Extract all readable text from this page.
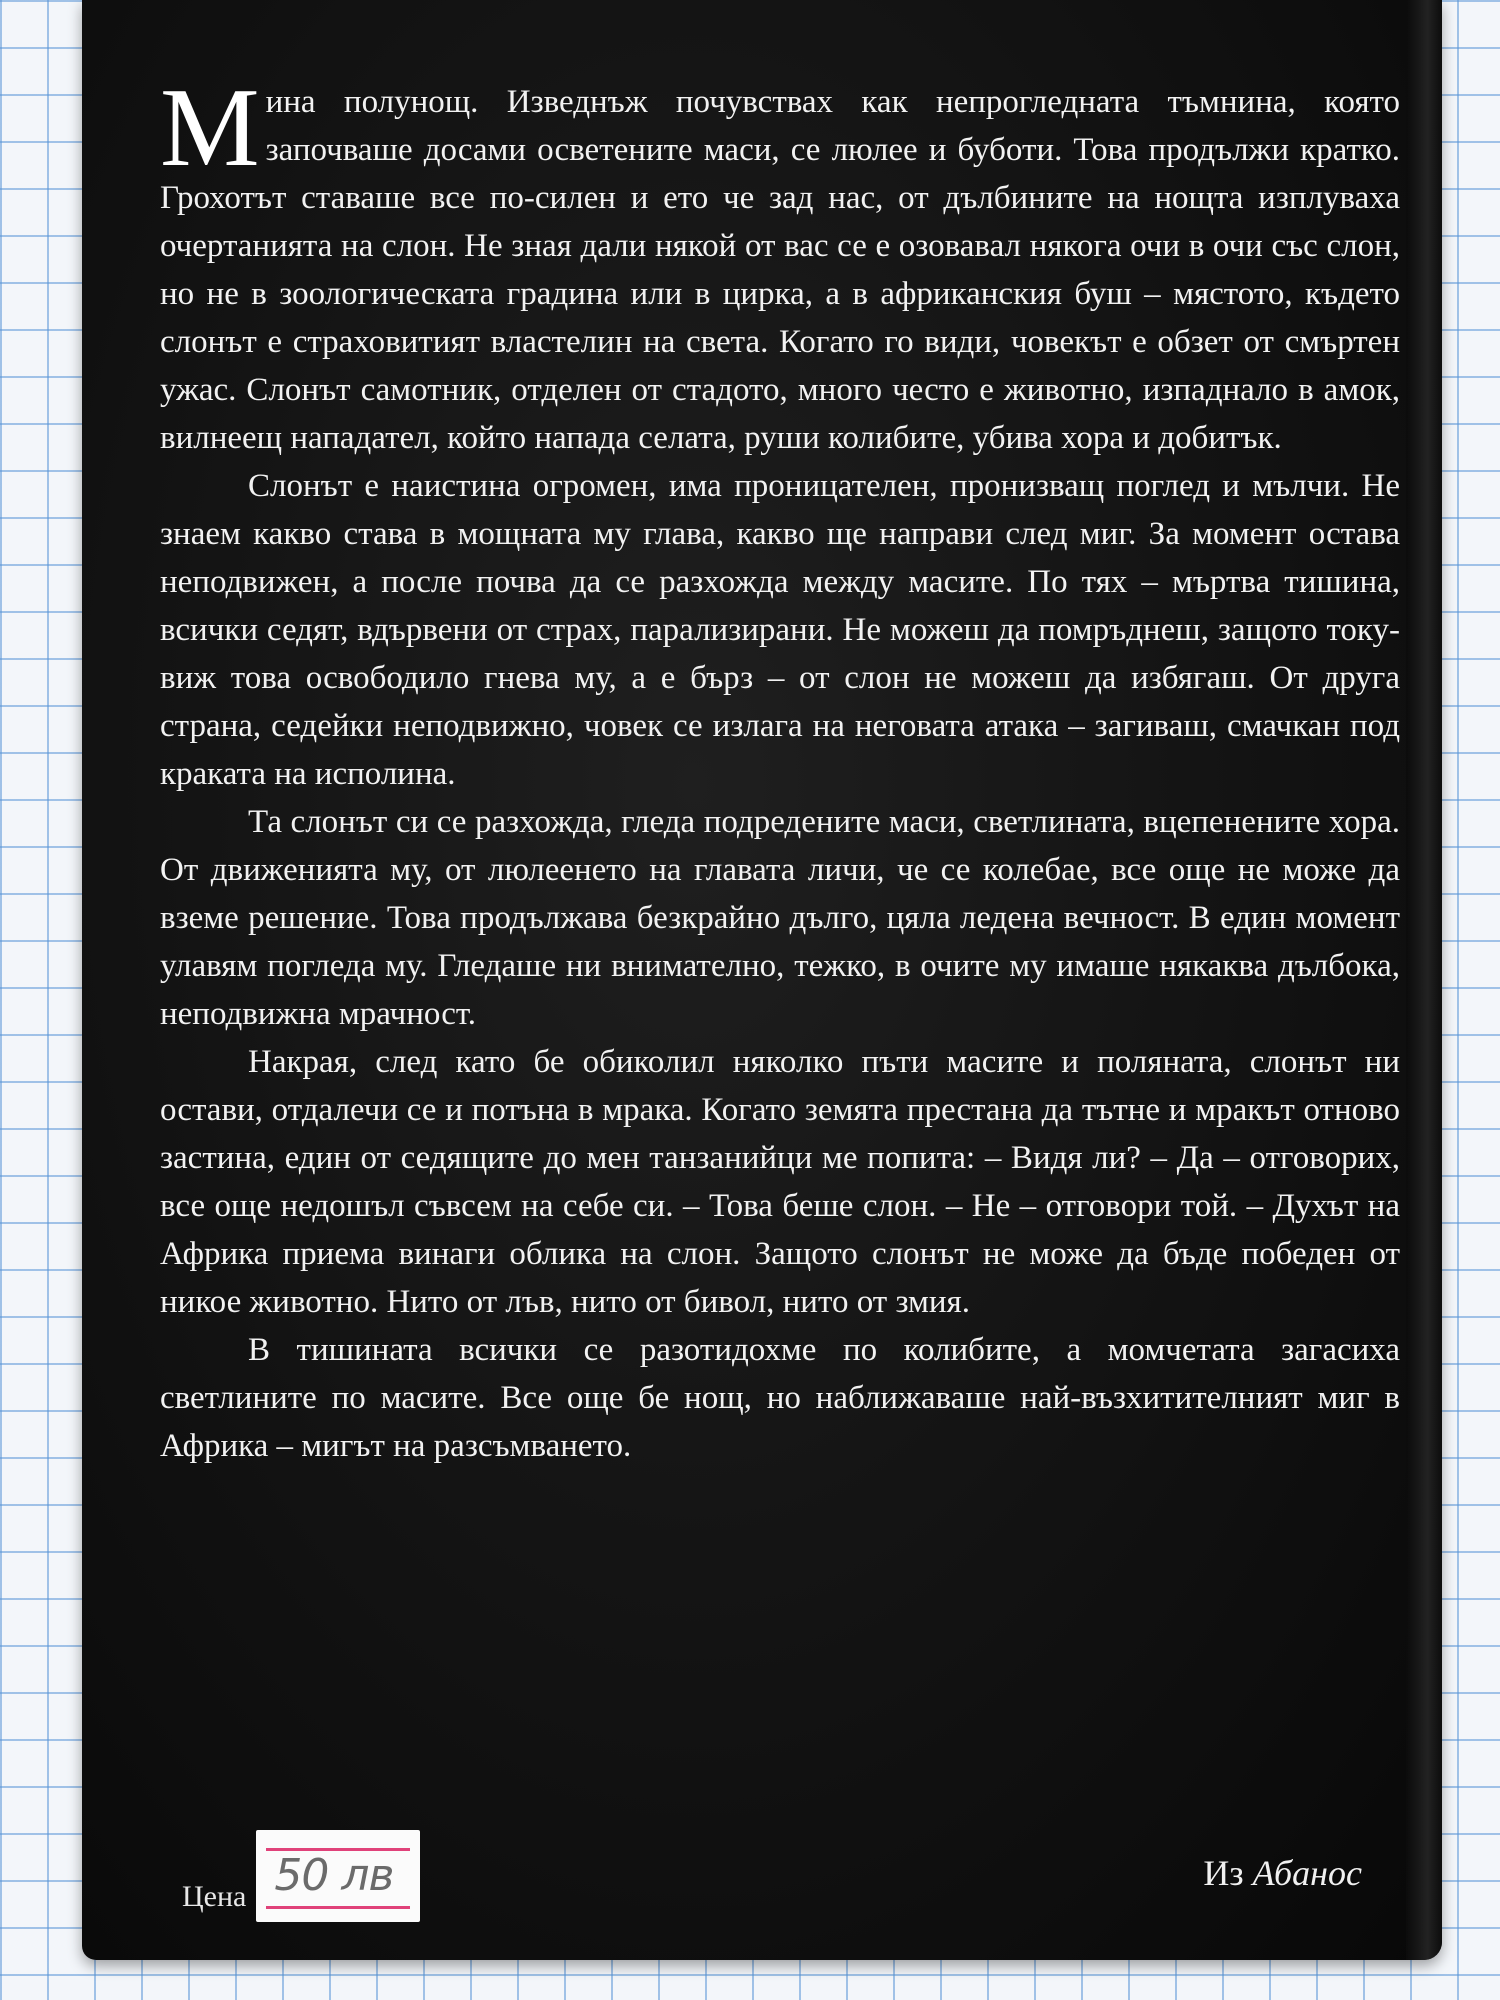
Мина полунощ. Изведнъж почувствах как непрогледната тъмнина, която започваше досами осветените маси, се люлее и буботи. Това продължи кратко. Грохотът ставаше все по-силен и ето че зад нас, от дълбините на нощта изплуваха очертанията на слон. Не зная дали някой от вас се е озовавал някога очи в очи със слон, но не в зоологическата градина или в цирка, а в африканския буш – мястото, където слонът е страховитият властелин на света. Когато го види, човекът е обзет от смъртен ужас. Слонът самотник, отделен от стадото, много често е животно, изпаднало в амок, вилнеещ нападател, който напада селата, руши колибите, убива хора и добитък.

Слонът е наистина огромен, има проницателен, пронизващ поглед и мълчи. Не знаем какво става в мощната му глава, какво ще направи след миг. За момент остава неподвижен, а после почва да се разхожда между масите. По тях – мъртва тишина, всички седят, вдървени от страх, парализирани. Не можеш да помръднеш, защото току-виж това освободило гнева му, а е бърз – от слон не можеш да избягаш. От друга страна, седейки неподвижно, човек се излага на неговата атака – загиваш, смачкан под краката на исполина.

Та слонът си се разхожда, гледа подредените маси, светлината, вцепенените хора. От движенията му, от люлеенето на главата личи, че се колебае, все още не може да вземе решение. Това продължава безкрайно дълго, цяла ледена вечност. В един момент улавям погледа му. Гледаше ни внимателно, тежко, в очите му имаше някаква дълбока, неподвижна мрачност.

Накрая, след като бе обиколил няколко пъти масите и поляната, слонът ни остави, отдалечи се и потъна в мрака. Когато земята престана да тътне и мракът отново застина, един от седящите до мен танзанийци ме попита: – Видя ли? – Да – отговорих, все още недошъл съвсем на себе си. – Това беше слон. – Не – отговори той. – Духът на Африка приема винаги облика на слон. Защото слонът не може да бъде победен от никое животно. Нито от лъв, нито от бивол, нито от змия.

В тишината всички се разотидохме по колибите, а момчетата загасиха светлините по масите. Все още бе нощ, но наближаваше най-възхитителният миг в Африка – мигът на разсъмването.

Цена 50 лв	Из Абанос
